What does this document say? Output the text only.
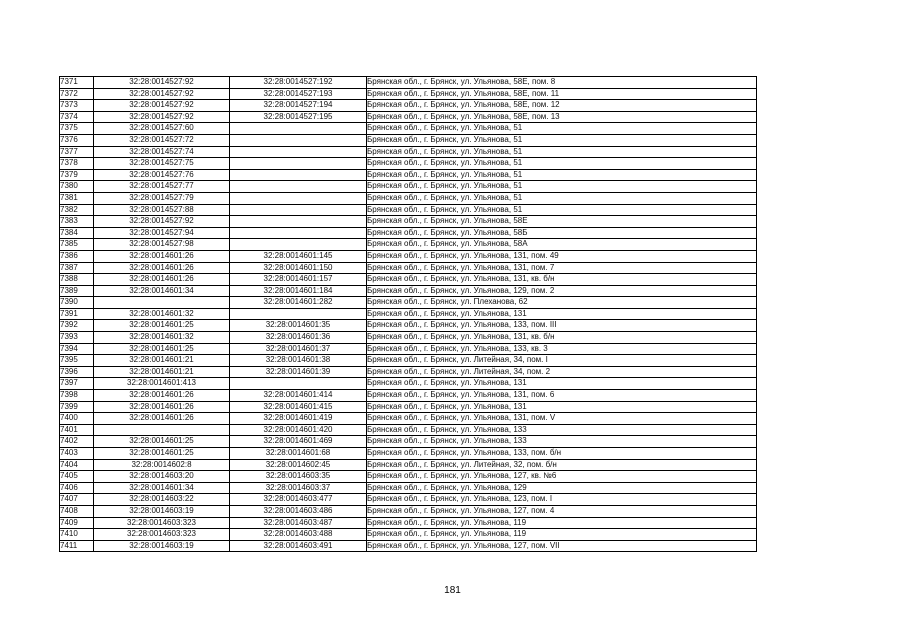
7371	32:28:0014527:92	32:28:0014527:192	Брянская обл., г. Брянск, ул. Ульянова, 58Е, пом. 8
7372	32:28:0014527:92	32:28:0014527:193	Брянская обл., г. Брянск, ул. Ульянова, 58Е, пом. 11
7373	32:28:0014527:92	32:28:0014527:194	Брянская обл., г. Брянск, ул. Ульянова, 58Е, пом. 12
7374	32:28:0014527:92	32:28:0014527:195	Брянская обл., г. Брянск, ул. Ульянова, 58Е, пом. 13
7375	32:28:0014527:60		Брянская обл., г. Брянск, ул. Ульянова, 51
7376	32:28:0014527:72		Брянская обл., г. Брянск, ул. Ульянова, 51
7377	32:28:0014527:74		Брянская обл., г. Брянск, ул. Ульянова, 51
7378	32:28:0014527:75		Брянская обл., г. Брянск, ул. Ульянова, 51
7379	32:28:0014527:76		Брянская обл., г. Брянск, ул. Ульянова, 51
7380	32:28:0014527:77		Брянская обл., г. Брянск, ул. Ульянова, 51
7381	32:28:0014527:79		Брянская обл., г. Брянск, ул. Ульянова, 51
7382	32:28:0014527:88		Брянская обл., г. Брянск, ул. Ульянова, 51
7383	32:28:0014527:92		Брянская обл., г. Брянск, ул. Ульянова, 58Е
7384	32:28:0014527:94		Брянская обл., г. Брянск, ул. Ульянова, 58Б
7385	32:28:0014527:98		Брянская обл., г. Брянск, ул. Ульянова, 58А
7386	32:28:0014601:26	32:28:0014601:145	Брянская обл., г. Брянск, ул. Ульянова, 131, пом. 49
7387	32:28:0014601:26	32:28:0014601:150	Брянская обл., г. Брянск, ул. Ульянова, 131, пом. 7
7388	32:28:0014601:26	32:28:0014601:157	Брянская обл., г. Брянск, ул. Ульянова, 131, кв. б/н
7389	32:28:0014601:34	32:28:0014601:184	Брянская обл., г. Брянск, ул. Ульянова, 129, пом. 2
7390		32:28:0014601:282	Брянская обл., г. Брянск, ул. Плеханова, 62
7391	32:28:0014601:32		Брянская обл., г. Брянск, ул. Ульянова, 131
7392	32:28:0014601:25	32:28:0014601:35	Брянская обл., г. Брянск, ул. Ульянова, 133, пом. III
7393	32:28:0014601:32	32:28:0014601:36	Брянская обл., г. Брянск, ул. Ульянова, 131, кв. б/н
7394	32:28:0014601:25	32:28:0014601:37	Брянская обл., г. Брянск, ул. Ульянова, 133, кв. 3
7395	32:28:0014601:21	32:28:0014601:38	Брянская обл., г. Брянск, ул. Литейная, 34, пом. I
7396	32:28:0014601:21	32:28:0014601:39	Брянская обл., г. Брянск, ул. Литейная, 34, пом. 2
7397	32:28:0014601:413		Брянская обл., г. Брянск, ул. Ульянова, 131
7398	32:28:0014601:26	32:28:0014601:414	Брянская обл., г. Брянск, ул. Ульянова, 131, пом. 6
7399	32:28:0014601:26	32:28:0014601:415	Брянская обл., г. Брянск, ул. Ульянова, 131
7400	32:28:0014601:26	32:28:0014601:419	Брянская обл., г. Брянск, ул. Ульянова, 131, пом. V
7401		32:28:0014601:420	Брянская обл., г. Брянск, ул. Ульянова, 133
7402	32:28:0014601:25	32:28:0014601:469	Брянская обл., г. Брянск, ул. Ульянова, 133
7403	32:28:0014601:25	32:28:0014601:68	Брянская обл., г. Брянск, ул. Ульянова, 133, пом. б/н
7404	32:28:0014602:8	32:28:0014602:45	Брянская обл., г. Брянск, ул. Литейная, 32, пом. б/н
7405	32:28:0014603:20	32:28:0014603:35	Брянская обл., г. Брянск, ул. Ульянова, 127, кв. №6
7406	32:28:0014601:34	32:28:0014603:37	Брянская обл., г. Брянск, ул. Ульянова, 129
7407	32:28:0014603:22	32:28:0014603:477	Брянская обл., г. Брянск, ул. Ульянова, 123, пом. I
7408	32:28:0014603:19	32:28:0014603:486	Брянская обл., г. Брянск, ул. Ульянова, 127, пом. 4
7409	32:28:0014603:323	32:28:0014603:487	Брянская обл., г. Брянск, ул. Ульянова, 119
7410	32:28:0014603:323	32:28:0014603:488	Брянская обл., г. Брянск, ул. Ульянова, 119
7411	32:28:0014603:19	32:28:0014603:491	Брянская обл., г. Брянск, ул. Ульянова, 127, пом. VII
181
